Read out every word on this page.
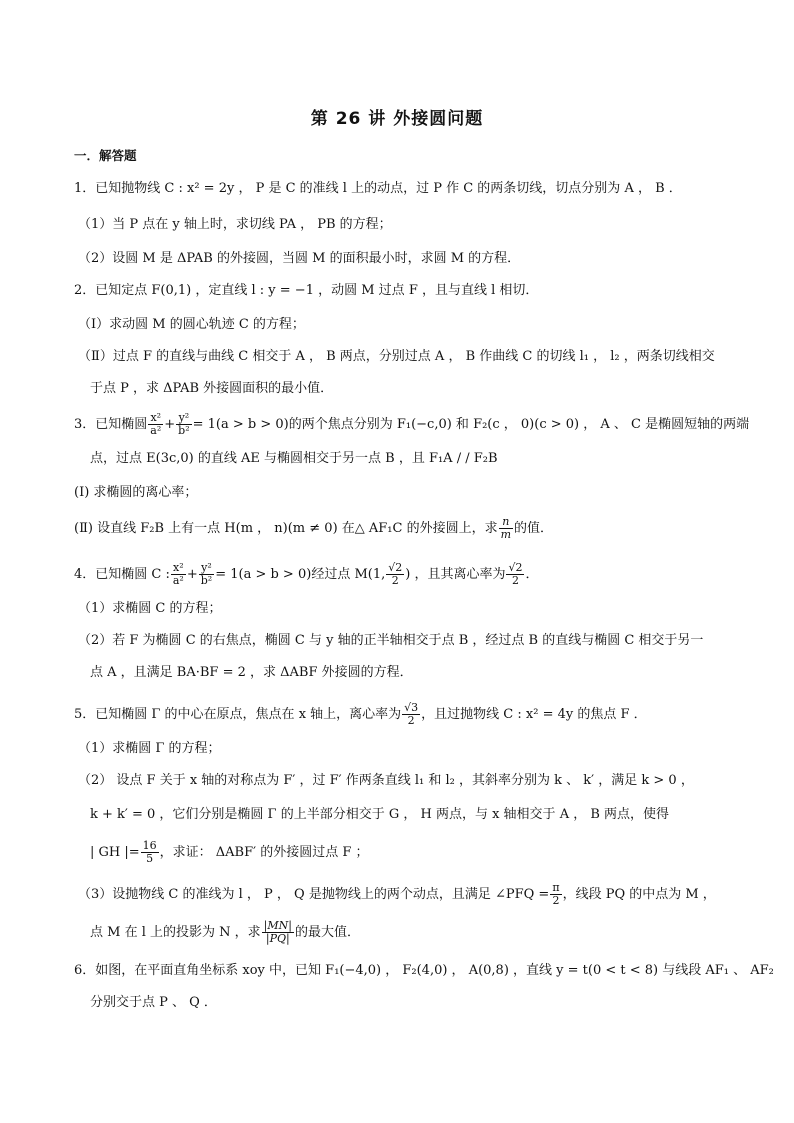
第 26 讲 外接圆问题
一．解答题
1．已知抛物线 C : x² = 2y ， P 是 C 的准线 l 上的动点，过 P 作 C 的两条切线，切点分别为 A ， B ．
（1）当 P 点在 y 轴上时，求切线 PA ， PB 的方程；
（2）设圆 M 是 ΔPAB 的外接圆，当圆 M 的面积最小时，求圆 M 的方程．
2．已知定点 F(0,1) ，定直线 l : y = −1 ，动圆 M 过点 F ，且与直线 l 相切．
（Ⅰ）求动圆 M 的圆心轨迹 C 的方程；
（Ⅱ）过点 F 的直线与曲线 C 相交于 A ， B 两点，分别过点 A ， B 作曲线 C 的切线 l₁ ， l₂ ，两条切线相交
于点 P ，求 ΔPAB 外接圆面积的最小值．
3．已知椭圆 $\frac{\text{x²}}{\text{a²}} + \frac{\text{y²}}{\text{b²}} = 1(a > b > 0)$的两个焦点分别为 F₁(−c,0) 和 F₂(c ， 0)(c > 0) ， A 、 C 是椭圆短轴的两端
点，过点 E(3c,0) 的直线 AE 与椭圆相交于另一点 B ，且 F₁A / / F₂B
(Ⅰ) 求椭圆的离心率；
(Ⅱ) 设直线 F₂B 上有一点 H(m ， n)(m ≠ 0) 在△ AF₁C 的外接圆上，求 $\frac{n}{m}$ 的值．
4．已知椭圆 C : $\frac{\text{x²}}{\text{a²}} + \frac{\text{y²}}{\text{b²}} = 1(a > b > 0)$经过点 M(1, $\frac{√2}{2}$ ) ，且其离心率为 $\frac{√2}{2}$ ．
（1）求椭圆 C 的方程；
（2）若 F 为椭圆 C 的右焦点，椭圆 C 与 y 轴的正半轴相交于点 B ，经过点 B 的直线与椭圆 C 相交于另一
点 A ，且满足 BA·BF = 2 ，求 ΔABF 外接圆的方程．
5．已知椭圆 Γ 的中心在原点，焦点在 x 轴上，离心率为 $\frac{√3}{2}$ ，且过抛物线 C : x² = 4y 的焦点 F ．
（1）求椭圆 Γ 的方程；
（2） 设点 F 关于 x 轴的对称点为 F′ ，过 F′ 作两条直线 l₁ 和 l₂ ，其斜率分别为 k 、 k′ ，满足 k > 0 ，
k + k′ = 0 ，它们分别是椭圆 Γ 的上半部分相交于 G ， H 两点，与 x 轴相交于 A ， B 两点，使得
| GH |= $\frac{16}{5}$ ，求证： ΔABF′ 的外接圆过点 F ；
（3）设抛物线 C 的准线为 l ， P ， Q 是抛物线上的两个动点，且满足 ∠PFQ = $\frac{\pi}{2}$ ，线段 PQ 的中点为 M ，
点 M 在 l 上的投影为 N ，求 $\frac{|MN|}{|PQ|}$ 的最大值．
6．如图，在平面直角坐标系 xoy 中，已知 F₁(−4,0) ， F₂(4,0) ， A(0,8) ，直线 y = t(0 < t < 8) 与线段 AF₁ 、 AF₂
分别交于点 P 、 Q ．
